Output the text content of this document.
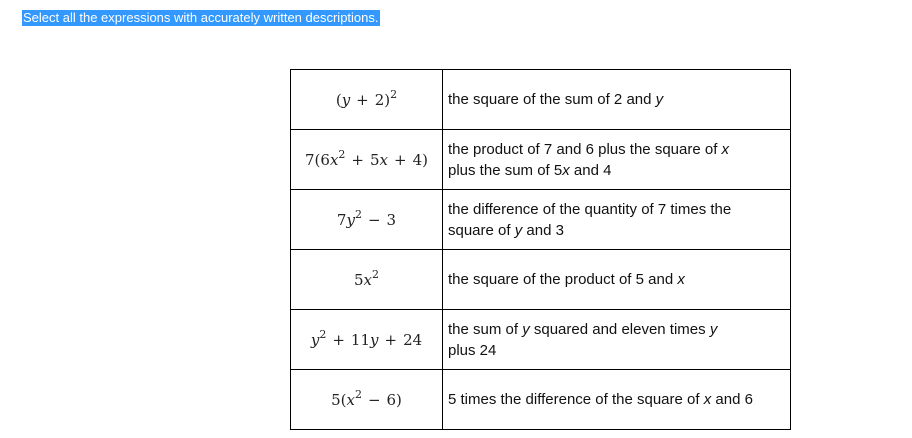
Select all the expressions with accurately written descriptions.
$(y + 2)^2$	the square of the sum of 2 and y
$7(6x^2 + 5x + 4)$	the product of 7 and 6 plus the square of x
plus the sum of 5x and 4
$7y^2 - 3$	the difference of the quantity of 7 times the
square of y and 3
$5x^2$	the square of the product of 5 and x
$y^2 + 11y + 24$	the sum of y squared and eleven times y
plus 24
$5(x^2 - 6)$	5 times the difference of the square of x and 6
